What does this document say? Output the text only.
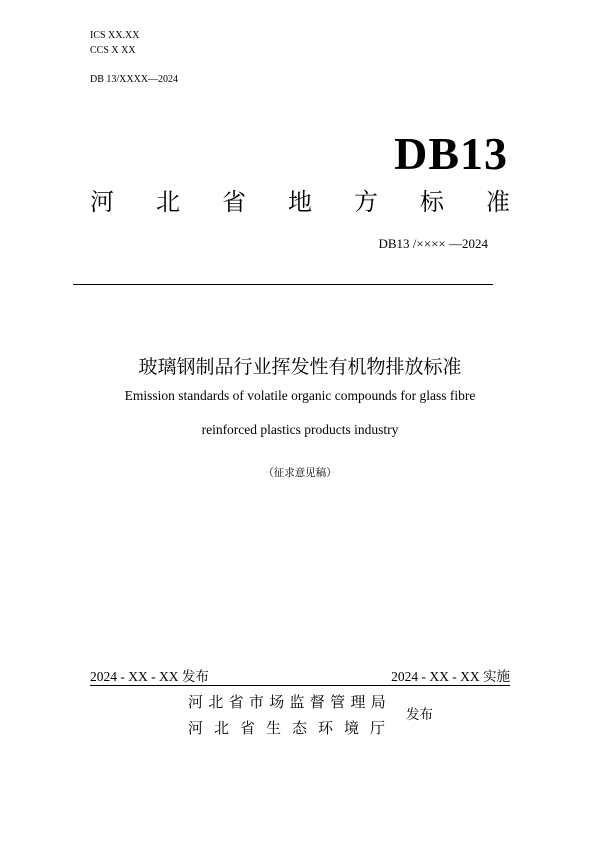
ICS XX.XX
CCS X XX
DB 13/XXXX—2024
DB13
河 北 省 地 方 标 准
DB13 /×××× —2024
玻璃钢制品行业挥发性有机物排放标准
Emission standards of volatile organic compounds for glass fibre
reinforced plastics products industry
（征求意见稿）
2024 - XX - XX 发布	2024 - XX - XX 实施
河北省市场监督管理局
河北省生态环境厅
发布
